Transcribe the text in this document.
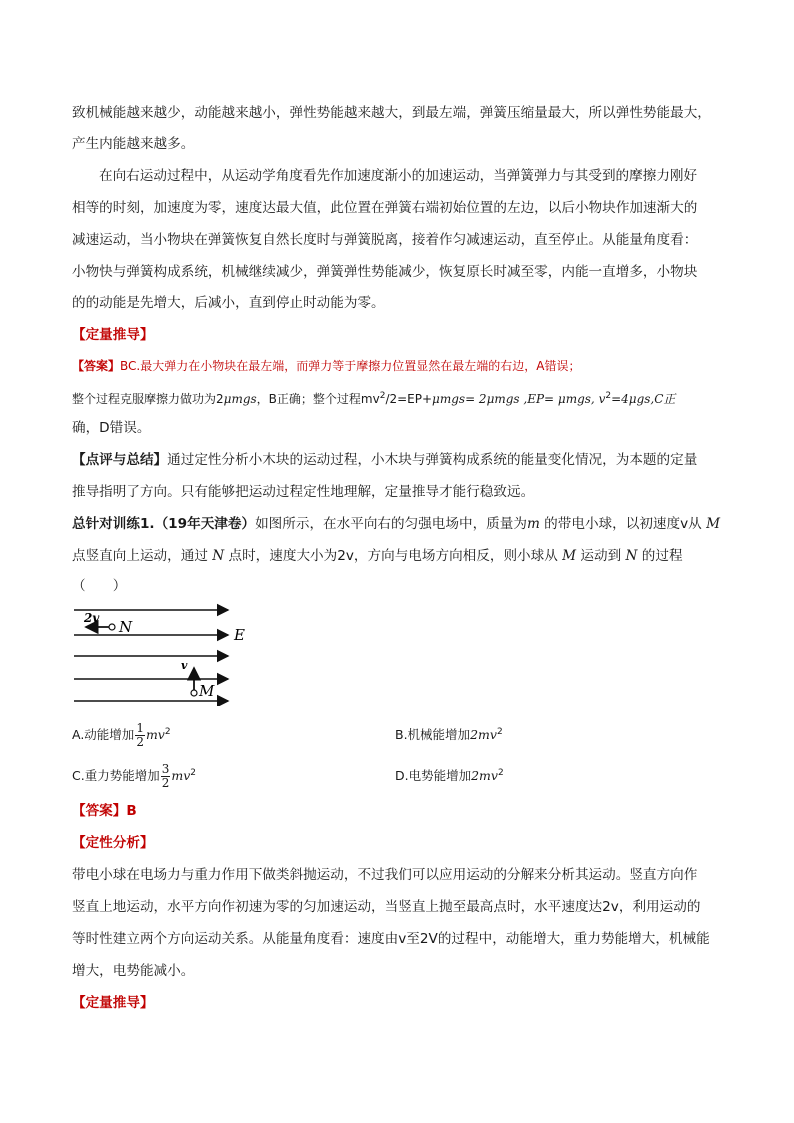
致机械能越来越少，动能越来越小，弹性势能越来越大，到最左端，弹簧压缩量最大，所以弹性势能最大，
产生内能越来越多。
在向右运动过程中，从运动学角度看先作加速度渐小的加速运动，当弹簧弹力与其受到的摩擦力刚好
相等的时刻，加速度为零，速度达最大值，此位置在弹簧右端初始位置的左边，以后小物块作加速渐大的
减速运动，当小物块在弹簧恢复自然长度时与弹簧脱离，接着作匀减速运动，直至停止。从能量角度看：
小物快与弹簧构成系统，机械继续减少，弹簧弹性势能减少，恢复原长时减至零，内能一直增多，小物块
的的动能是先增大，后减小，直到停止时动能为零。
【定量推导】
【答案】BC.最大弹力在小物块在最左端，而弹力等于摩擦力位置显然在最左端的右边，A错误；
整个过程克服摩擦力做功为2μmgs，B正确；整个过程$mv^2/2=EP+\mu mgs= 2\mu mgs$ ,EP= μmgs, $v^2=4\mu gs,C$正
确，D错误。
【点评与总结】通过定性分析小木块的运动过程，小木块与弹簧构成系统的能量变化情况，为本题的定量
推导指明了方向。只有能够把运动过程定性地理解，定量推导才能行稳致远。
总针对训练1.（19年天津卷）如图所示，在水平向右的匀强电场中，质量为m 的带电小球，以初速度v从 M
点竖直向上运动，通过 N 点时，速度大小为2v，方向与电场方向相反，则小球从 M 运动到 N 的过程
（　　）
2v N	E
v
M
A.动能增加 $\frac{1}{2} mv^2$	B.机械能增加$2mv^2$
C.重力势能增加 $\frac{3}{2} mv^2$	D.电势能增加$2mv^2$
【答案】B
【定性分析】
带电小球在电场力与重力作用下做类斜抛运动，不过我们可以应用运动的分解来分析其运动。竖直方向作
竖直上地运动，水平方向作初速为零的匀加速运动，当竖直上抛至最高点时，水平速度达2v，利用运动的
等时性建立两个方向运动关系。从能量角度看：速度由v至2V的过程中，动能增大，重力势能增大，机械能
增大，电势能减小。
【定量推导】
